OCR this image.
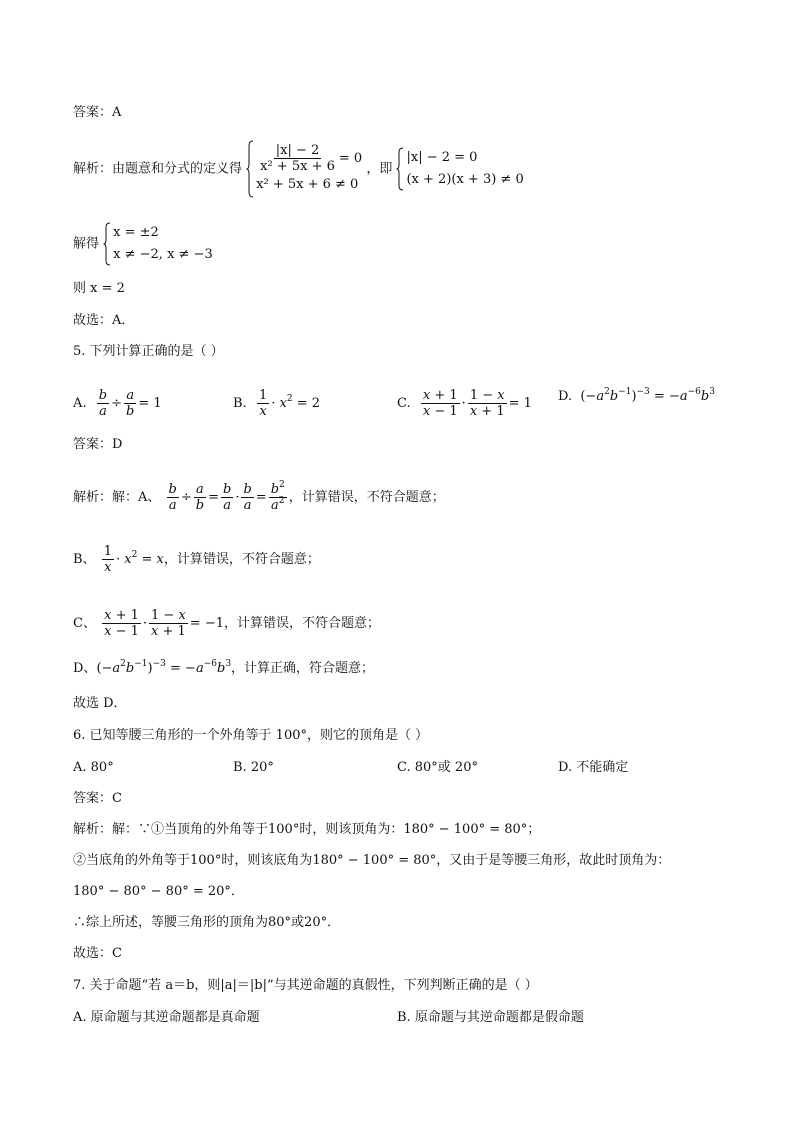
答案：A
解析：由题意和分式的定义得 $\frac{|x| - 2}{\text{x² + 5x + 6}} = 0$
x² + 5x + 6 ≠ 0
，即
|x| − 2 = 0
(x + 2)(x + 3) ≠ 0
解得
x = ±2
x ≠ −2, x ≠ −3
则 x = 2
故选：A．
5. 下列计算正确的是（ ）
A. $\frac{b}{a} \div \frac{a}{b} = 1$	B. $\frac{1}{x} \cdot x^2 = 2$	C. $\frac{x + 1}{x - 1} \cdot \frac{1 - x}{x + 1} = 1$ D.  $(-a^2b^{-1})^{-3} = -a^{-6}b^3$
答案：D
解析：解：A、 $\frac{b}{a} \div \frac{a}{b} = \frac{b}{a} \cdot \frac{b}{a} = \frac{b^2}{a^2}$ ，计算错误，不符合题意；
B、 $\frac{1}{x} \cdot x^2 = x$，计算错误，不符合题意；
C、 $\frac{x + 1}{x - 1} \cdot \frac{1 - x}{x + 1} = -1$，计算错误，不符合题意；
D、$(-a^2b^{-1})^{-3} = -a^{-6}b^3$，计算正确，符合题意；
故选 D．
6. 已知等腰三角形的一个外角等于 100°，则它的顶角是（ ）
A. 80°	B. 20°	C. 80°或 20°	D. 不能确定
答案：C
解析：解：∵①当顶角的外角等于100°时，则该顶角为：180° − 100° = 80°；
②当底角的外角等于100°时，则该底角为180° − 100° = 80°，又由于是等腰三角形，故此时顶角为：
180° − 80° − 80° = 20°．
∴综上所述，等腰三角形的顶角为80°或20°．
故选：C
7. 关于命题“若 a＝b，则|a|＝|b|”与其逆命题的真假性，下列判断正确的是（ ）
A. 原命题与其逆命题都是真命题	B. 原命题与其逆命题都是假命题
